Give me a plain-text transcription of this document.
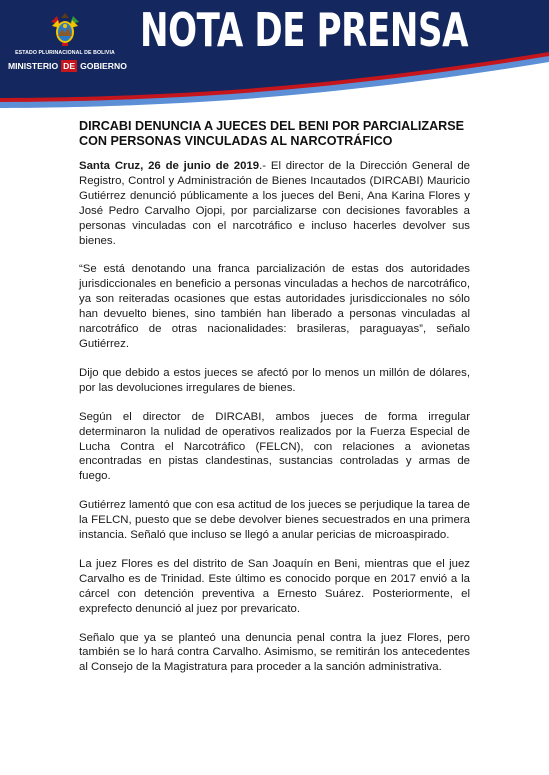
ESTADO PLURINACIONAL DE BOLIVIA
MINISTERIO DE GOBIERNO
NOTA DE PRENSA
DIRCABI DENUNCIA A JUECES DEL BENI POR PARCIALIZARSE CON PERSONAS VINCULADAS AL NARCOTRÁFICO

Santa Cruz, 26 de junio de 2019.- El director de la Dirección General de Registro, Control y Administración de Bienes Incautados (DIRCABI) Mauricio Gutiérrez denunció públicamente a los jueces del Beni, Ana Karina Flores y José Pedro Carvalho Ojopi, por parcializarse con decisiones favorables a personas vinculadas con el narcotráfico e incluso hacerles devolver sus bienes.

“Se está denotando una franca parcialización de estas dos autoridades jurisdiccionales en beneficio a personas vinculadas a hechos de narcotráfico, ya son reiteradas ocasiones que estas autoridades jurisdiccionales no sólo han devuelto bienes, sino también han liberado a personas vinculadas al narcotráfico de otras nacionalidades: brasileras, paraguayas”, señalo Gutiérrez.

Dijo que debido a estos jueces se afectó por lo menos un millón de dólares, por las devoluciones irregulares de bienes.

Según el director de DIRCABI, ambos jueces de forma irregular determinaron la nulidad de operativos realizados por la Fuerza Especial de Lucha Contra el Narcotráfico (FELCN), con relaciones a avionetas encontradas en pistas clandestinas, sustancias controladas y armas de fuego.

Gutiérrez lamentó que con esa actitud de los jueces se perjudique la tarea de la FELCN, puesto que se debe devolver bienes secuestrados en una primera instancia. Señaló que incluso se llegó a anular pericias de microaspirado.

La juez Flores es del distrito de San Joaquín en Beni, mientras que el juez Carvalho es de Trinidad. Este último es conocido porque en 2017 envió a la cárcel con detención preventiva a Ernesto Suárez. Posteriormente, el exprefecto denunció al juez por prevaricato.

Señalo que ya se planteó una denuncia penal contra la juez Flores, pero también se lo hará contra Carvalho. Asimismo, se remitirán los antecedentes al Consejo de la Magistratura para proceder a la sanción administrativa.
